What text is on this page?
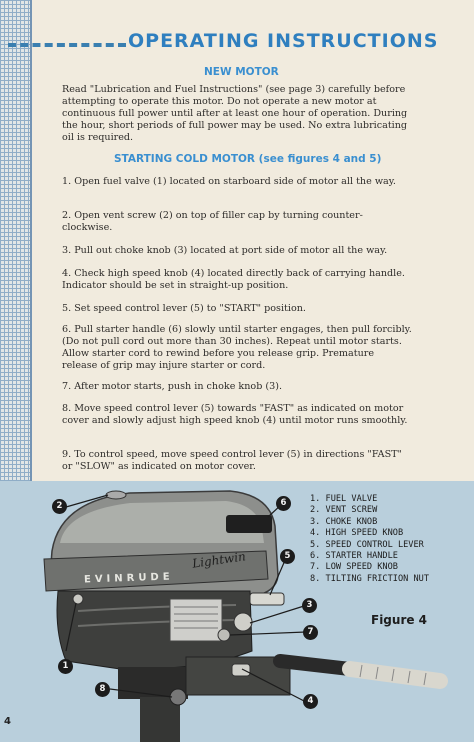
OPERATING INSTRUCTIONS
NEW MOTOR

Read "Lubrication and Fuel Instructions" (see page 3) carefully before attempting to operate this motor. Do not operate a new motor at continuous full power until after at least one hour of operation. During the hour, short periods of full power may be used. No extra lubricating oil is required.

STARTING COLD MOTOR (see figures 4 and 5)

1. Open fuel valve (1) located on starboard side of motor all the way.

2. Open vent screw (2) on top of filler cap by turning counter-clockwise.

3. Pull out choke knob (3) located at port side of motor all the way.

4. Check high speed knob (4) located directly back of carrying handle. Indicator should be set in straight-up position.

5. Set speed control lever (5) to "START" position.

6. Pull starter handle (6) slowly until starter engages, then pull forcibly. (Do not pull cord out more than 30 inches). Repeat until motor starts. Allow starter cord to rewind before you release grip. Premature release of grip may injure starter or cord.

7. After motor starts, push in choke knob (3).

8. Move speed control lever (5) towards "FAST" as indicated on motor cover and slowly adjust high speed knob (4) until motor runs smoothly.

9. To control speed, move speed control lever (5) in directions "FAST" or "SLOW" as indicated on motor cover.

Lightwin
EVINRUDE
1
2
3
4
5
6
7
8
1. FUEL VALVE
2. VENT SCREW
3. CHOKE KNOB
4. HIGH SPEED KNOB
5. SPEED CONTROL LEVER
6. STARTER HANDLE
7. LOW SPEED KNOB
8. TILTING FRICTION NUT

Figure 4

4
